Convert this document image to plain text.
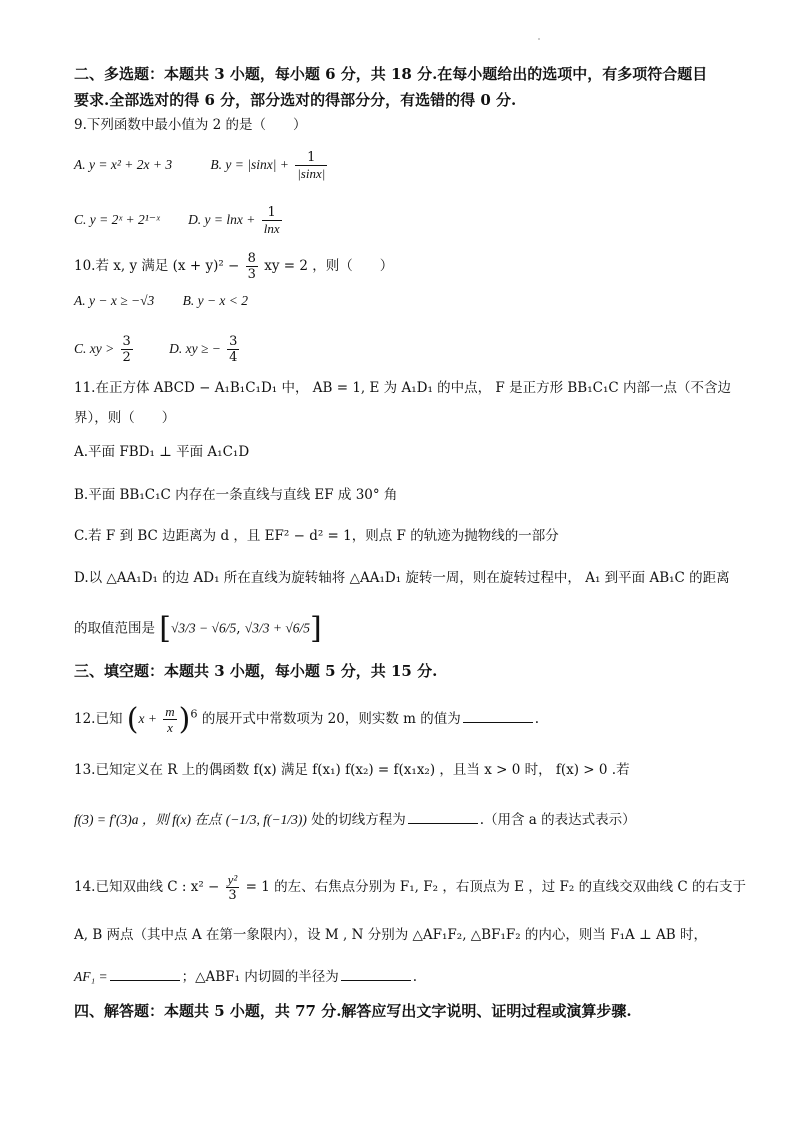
二、多选题：本题共 3 小题，每小题 6 分，共 18 分.在每小题给出的选项中，有多项符合题目
要求.全部选对的得 6 分，部分选对的得部分分，有选错的得 0 分.
9.下列函数中最小值为 2 的是（　　）
A. y = x² + 2x + 3	B. $y = |\sin x| + \frac{1}{|\sin x|}$
C. y = 2ˣ + 2¹⁻ˣ D. $y = \ln x + \frac{1}{\ln x}$
10.若 x, y 满足 $(x + y)^2 - \frac{8}{3}$ xy = 2 ，则（　　）
A. y − x ≥ −√3 B. y − x < 2
C. xy > $\frac{3}{2}$	D. xy ≥ − $\frac{3}{4}$
11.在正方体 ABCD − A₁B₁C₁D₁ 中， AB = 1, E 为 A₁D₁ 的中点， F 是正方形 BB₁C₁C 内部一点（不含边
界），则（　　）
A.平面 FBD₁ ⊥ 平面 A₁C₁D
B.平面 BB₁C₁C 内存在一条直线与直线 EF 成 30° 角
C.若 F 到 BC 边距离为 d ，且 EF² − d² = 1，则点 F 的轨迹为抛物线的一部分
D.以 △AA₁D₁ 的边 AD₁ 所在直线为旋转轴将 △AA₁D₁ 旋转一周，则在旋转过程中， A₁ 到平面 AB₁C 的距离
的取值范围是 [√3/3 − √6/5, √3/3 + √6/5]
三、填空题：本题共 3 小题，每小题 5 分，共 15 分.
12.已知 $(x + \frac{m}{x} )^6$ 的展开式中常数项为 20，则实数 m 的值为	.
13.已知定义在 R 上的偶函数 f(x) 满足 f(x₁) f(x₂) = f(x₁x₂) ，且当 x > 0 时， f(x) > 0 .若
f(3) = f′(3)a ，则 f(x) 在点 (−1/3, f(−1/3)) 处的切线方程为	.（用含 a 的表达式表示）
14.已知双曲线 C : $x^2 - \frac{\text{y²}}{3} = 1$ 的左、右焦点分别为 F₁, F₂ ，右顶点为 E ，过 F₂ 的直线交双曲线 C 的右支于
A, B 两点（其中点 A 在第一象限内），设 M , N 分别为 △AF₁F₂, △BF₁F₂ 的内心，则当 F₁A ⊥ AB 时，
AF₁ =	；△ABF₁ 内切圆的半径为	.
四、解答题：本题共 5 小题，共 77 分.解答应写出文字说明、证明过程或演算步骤.
